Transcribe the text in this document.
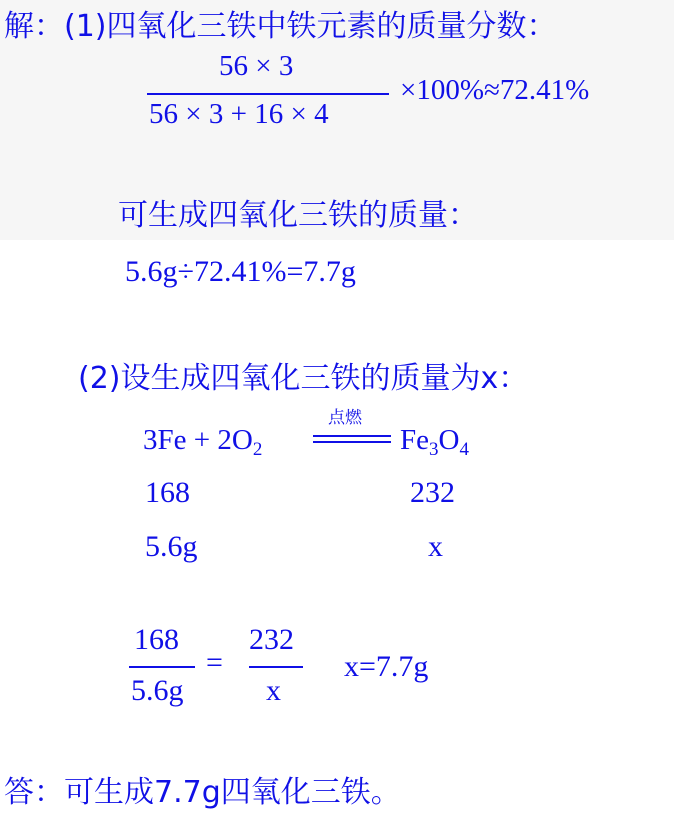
解：(1)四氧化三铁中铁元素的质量分数：
56 × 3
56 × 3 + 16 × 4
×100%≈72.41%
可生成四氧化三铁的质量：
5.6g÷72.41%=7.7g
(2)设生成四氧化三铁的质量为x：
$3Fe + 2O_2$
点燃
$Fe_3O_4$
168	232
5.6g	x
168
5.6g
=
232
x
x=7.7g
答：可生成7.7g四氧化三铁。
